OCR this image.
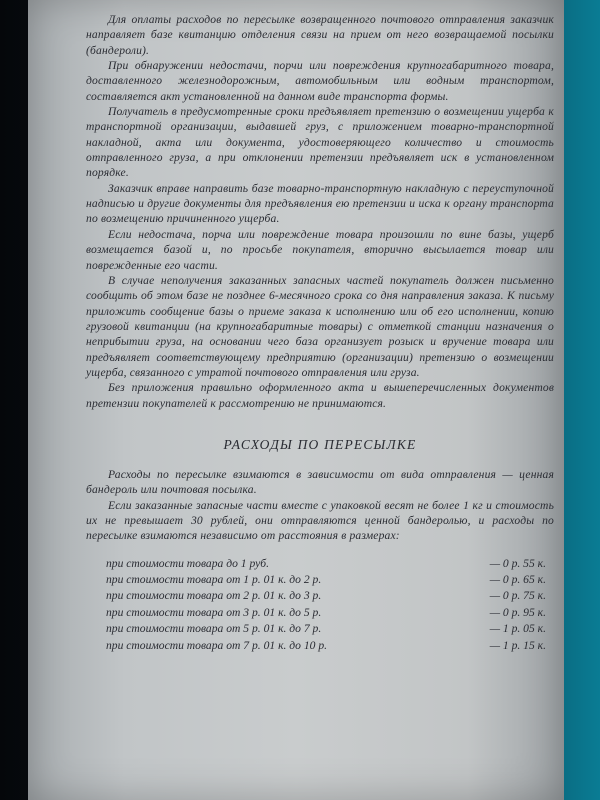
Для оплаты расходов по пересылке возвращенного почтового отправления заказчик направляет базе квитанцию отделения связи на прием от него возвращаемой посылки (бандероли).

При обнаружении недостачи, порчи или повреждения крупногабаритного товара, доставленного железнодорожным, автомобильным или водным транспортом, составляется акт установленной на данном виде транспорта формы.

Получатель в предусмотренные сроки предъявляет претензию о возмещении ущерба к транспортной организации, выдавшей груз, с приложением товарно-транспортной накладной, акта или документа, удостоверяющего количество и стоимость отправленного груза, а при отклонении претензии предъявляет иск в установленном порядке.

Заказчик вправе направить базе товарно-транспортную накладную с переуступочной надписью и другие документы для предъявления ею претензии и иска к органу транспорта по возмещению причиненного ущерба.

Если недостача, порча или повреждение товара произошли по вине базы, ущерб возмещается базой и, по просьбе покупателя, вторично высылается товар или поврежденные его части.

В случае неполучения заказанных запасных частей покупатель должен письменно сообщить об этом базе не позднее 6-месячного срока со дня направления заказа. К письму приложить сообщение базы о приеме заказа к исполнению или об его исполнении, копию грузовой квитанции (на крупногабаритные товары) с отметкой станции назначения о неприбытии груза, на основании чего база организует розыск и вручение товара или предъявляет соответствующему предприятию (организации) претензию о возмещении ущерба, связанного с утратой почтового отправления или груза.

Без приложения правильно оформленного акта и вышеперечисленных документов претензии покупателей к рассмотрению не принимаются.

РАСХОДЫ ПО ПЕРЕСЫЛКЕ

Расходы по пересылке взимаются в зависимости от вида отправления — ценная бандероль или почтовая посылка.

Если заказанные запасные части вместе с упаковкой весят не более 1 кг и стоимость их не превышает 30 рублей, они отправляются ценной бандеролью, и расходы по пересылке взимаются независимо от расстояния в размерах:

при стоимости товара до 1 руб.	— 0 р. 55 к.
при стоимости товара от 1 р. 01 к. до 2 р.	— 0 р. 65 к.
при стоимости товара от 2 р. 01 к. до 3 р.	— 0 р. 75 к.
при стоимости товара от 3 р. 01 к. до 5 р.	— 0 р. 95 к.
при стоимости товара от 5 р. 01 к. до 7 р.	— 1 р. 05 к.
при стоимости товара от 7 р. 01 к. до 10 р.	— 1 р. 15 к.
